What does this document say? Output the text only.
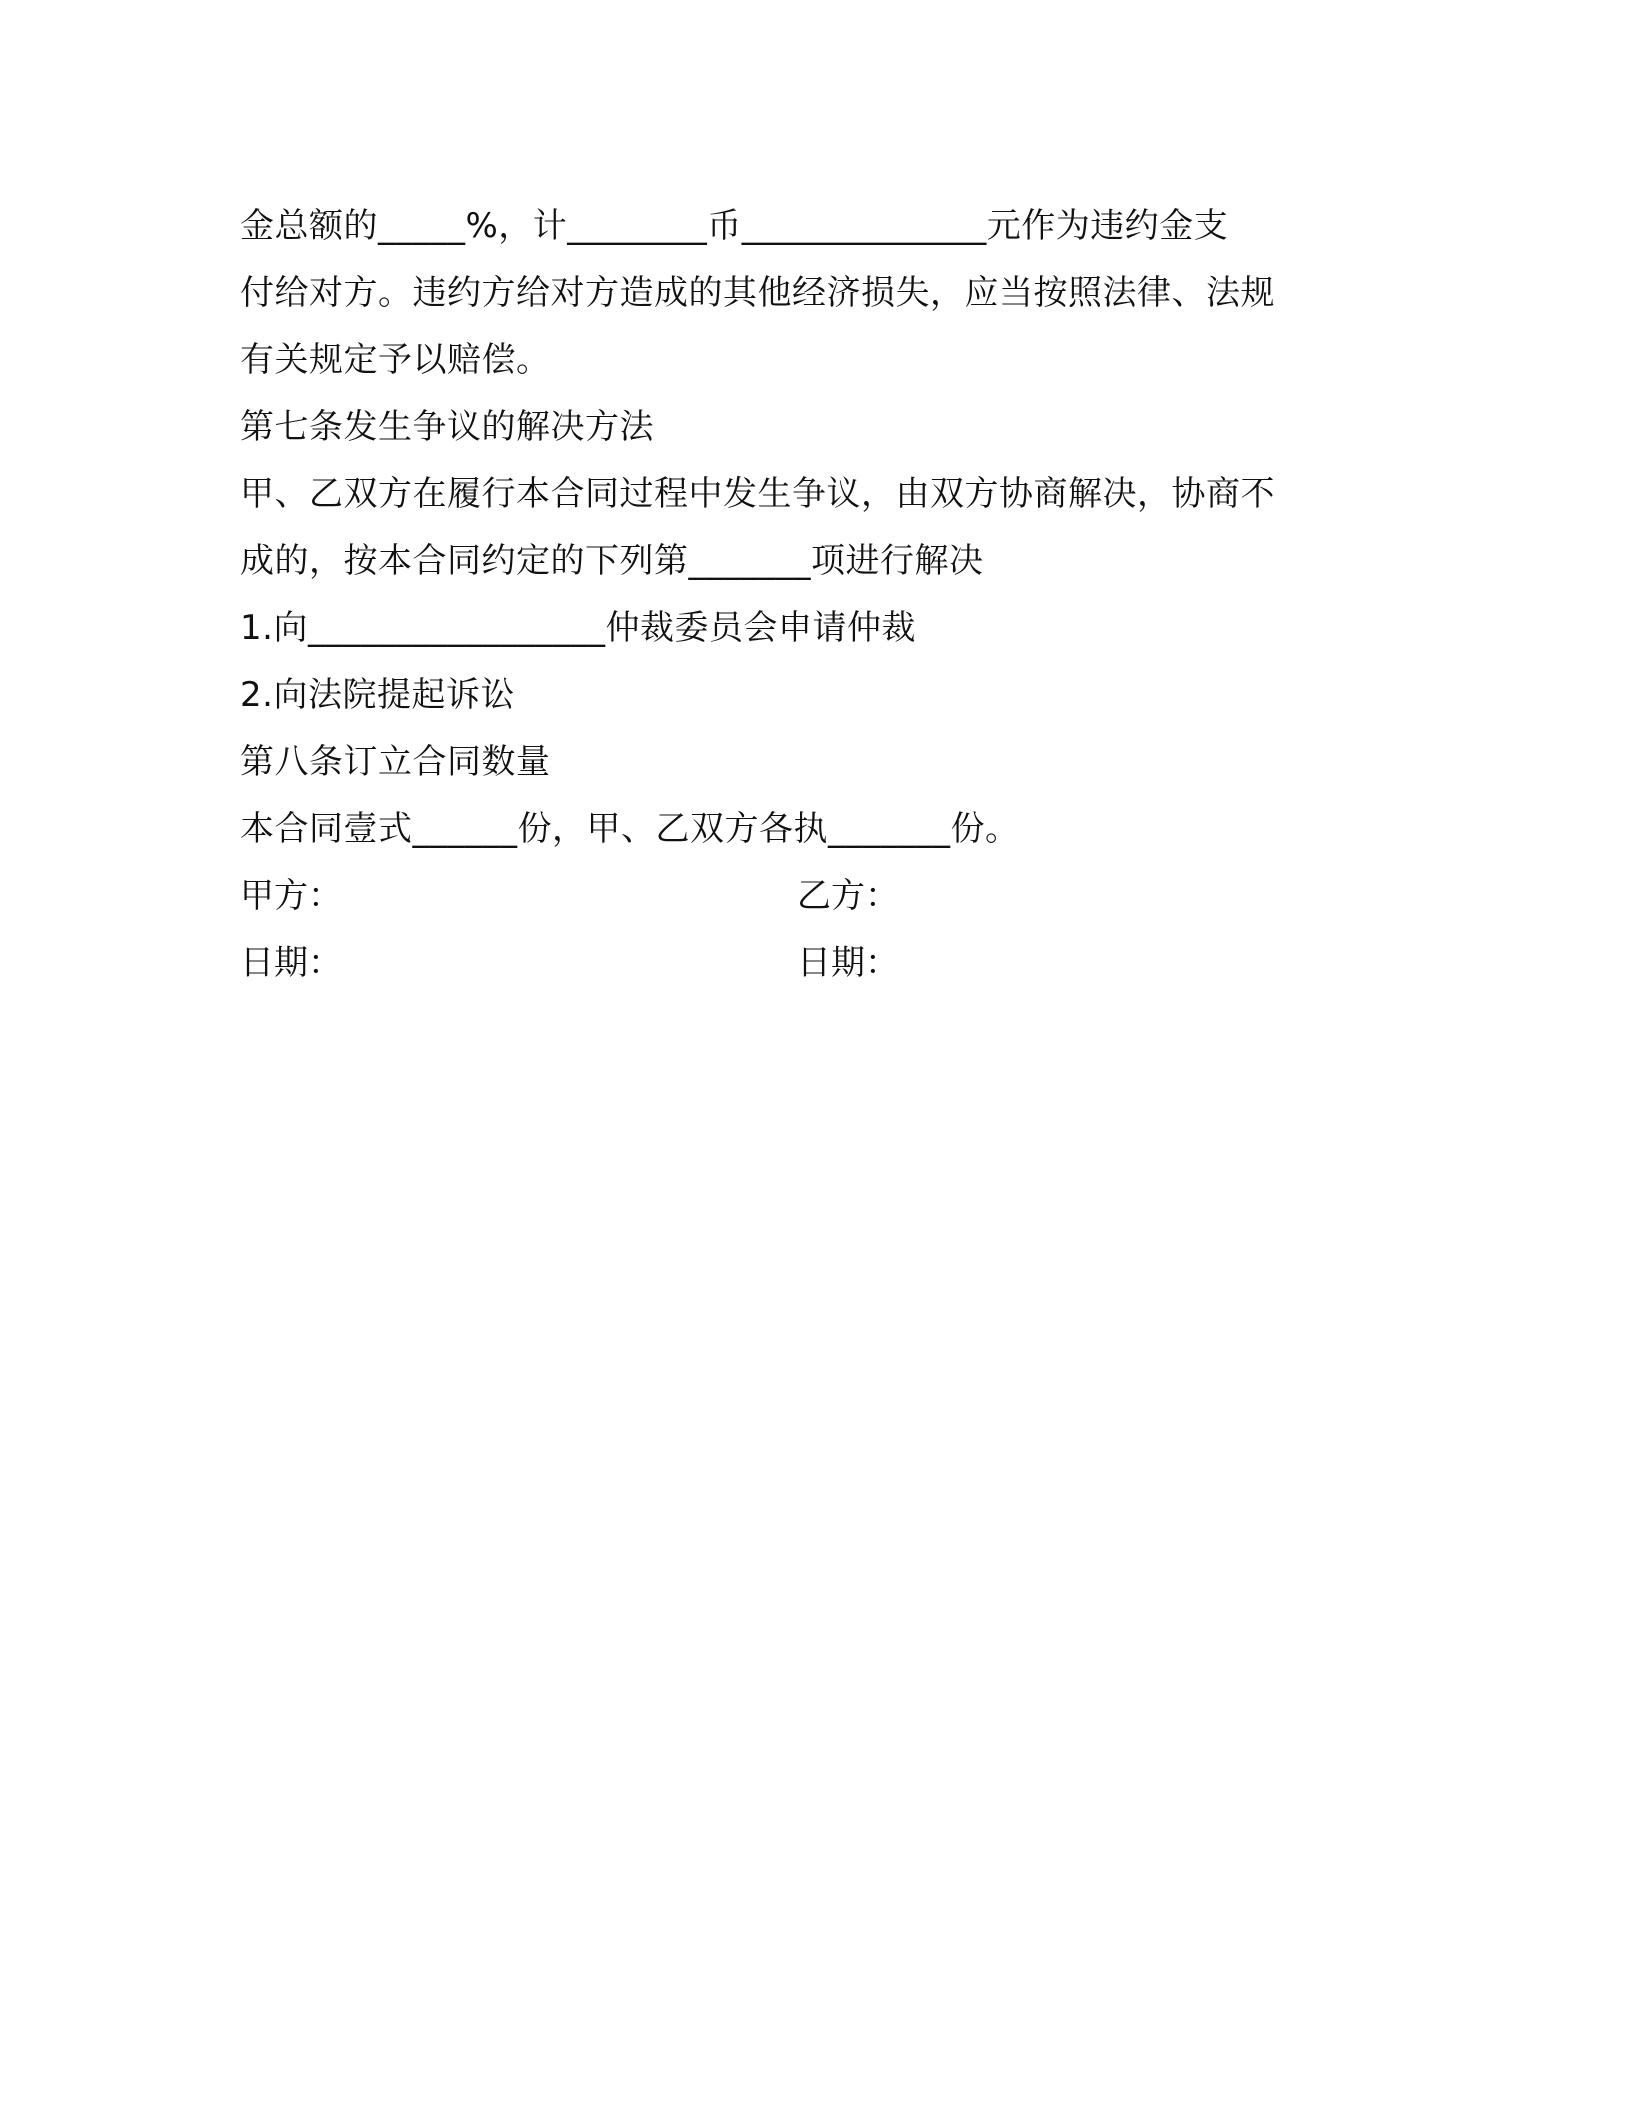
金总额的_____%，计________币______________元作为违约金支
付给对方。违约方给对方造成的其他经济损失，应当按照法律、法规
有关规定予以赔偿。
第七条发生争议的解决方法
甲、乙双方在履行本合同过程中发生争议，由双方协商解决，协商不
成的，按本合同约定的下列第_______项进行解决
1.向_________________仲裁委员会申请仲裁
2.向法院提起诉讼
第八条订立合同数量
本合同壹式______份，甲、乙双方各执_______份。
甲方：	乙方：
日期：	日期：
